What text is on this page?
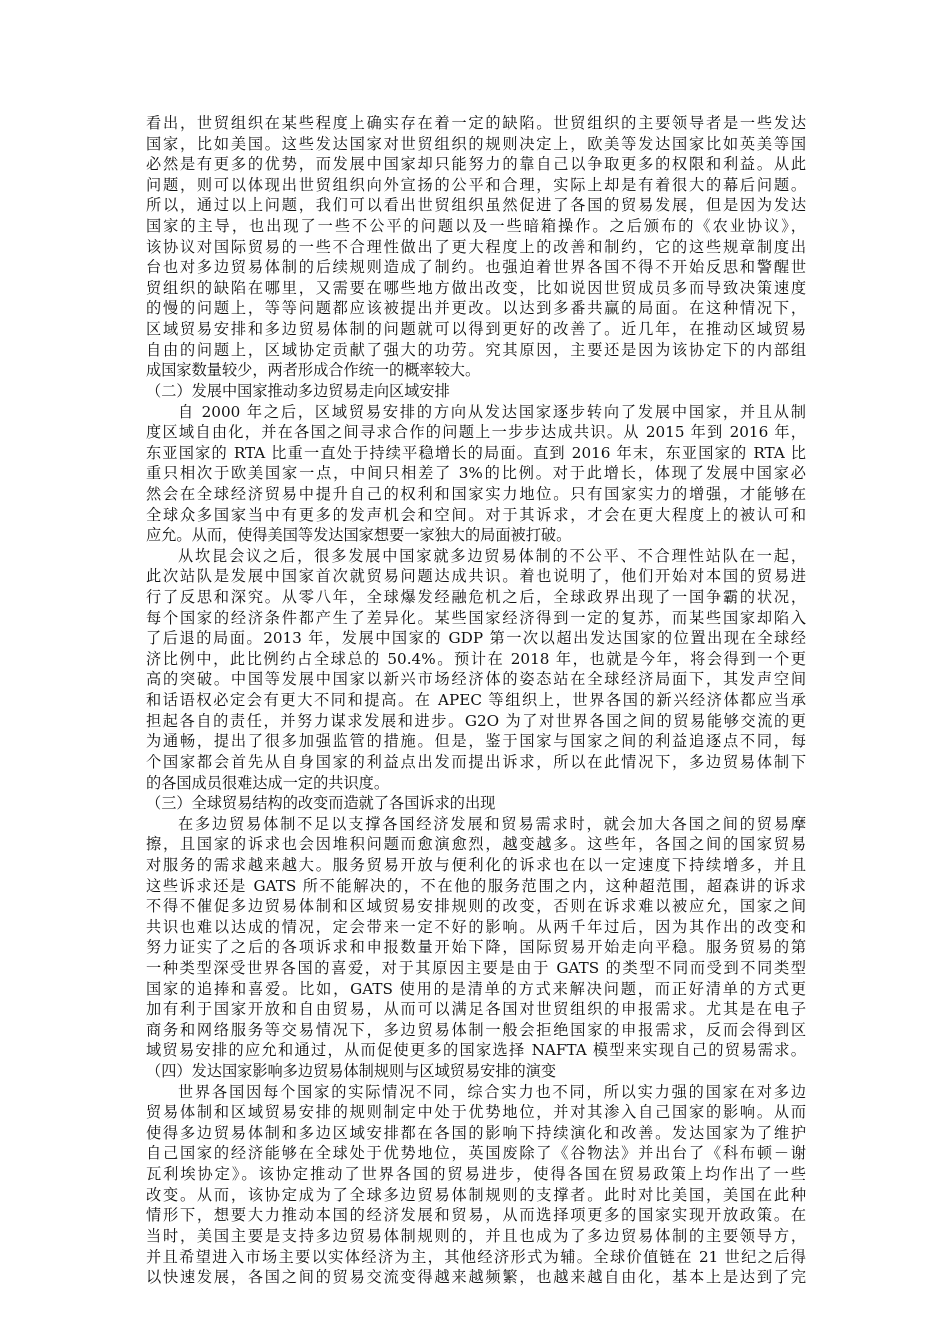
看出，世贸组织在某些程度上确实存在着一定的缺陷。世贸组织的主要领导者是一些发达
国家，比如美国。这些发达国家对世贸组织的规则决定上，欧美等发达国家比如英美等国
必然是有更多的优势，而发展中国家却只能努力的靠自己以争取更多的权限和利益。从此
问题，则可以体现出世贸组织向外宣扬的公平和合理，实际上却是有着很大的幕后问题。
所以，通过以上问题，我们可以看出世贸组织虽然促进了各国的贸易发展，但是因为发达
国家的主导，也出现了一些不公平的问题以及一些暗箱操作。之后颁布的《农业协议》，
该协议对国际贸易的一些不合理性做出了更大程度上的改善和制约，它的这些规章制度出
台也对多边贸易体制的后续规则造成了制约。也强迫着世界各国不得不开始反思和警醒世
贸组织的缺陷在哪里，又需要在哪些地方做出改变，比如说因世贸成员多而导致决策速度
的慢的问题上，等等问题都应该被提出并更改。以达到多番共赢的局面。在这种情况下，
区域贸易安排和多边贸易体制的问题就可以得到更好的改善了。近几年，在推动区域贸易
自由的问题上，区域协定贡献了强大的功劳。究其原因，主要还是因为该协定下的内部组
成国家数量较少，两者形成合作统一的概率较大。
（二）发展中国家推动多边贸易走向区域安排
自 2000 年之后，区域贸易安排的方向从发达国家逐步转向了发展中国家，并且从制
度区域自由化，并在各国之间寻求合作的问题上一步步达成共识。从 2015 年到 2016 年，
东亚国家的 RTA 比重一直处于持续平稳增长的局面。直到 2016 年末，东亚国家的 RTA 比
重只相次于欧美国家一点，中间只相差了 3%的比例。对于此增长，体现了发展中国家必
然会在全球经济贸易中提升自己的权利和国家实力地位。只有国家实力的增强，才能够在
全球众多国家当中有更多的发声机会和空间。对于其诉求，才会在更大程度上的被认可和
应允。从而，使得美国等发达国家想要一家独大的局面被打破。
从坎昆会议之后，很多发展中国家就多边贸易体制的不公平、不合理性站队在一起，
此次站队是发展中国家首次就贸易问题达成共识。着也说明了，他们开始对本国的贸易进
行了反思和深究。从零八年，全球爆发经融危机之后，全球政界出现了一国争霸的状况，
每个国家的经济条件都产生了差异化。某些国家经济得到一定的复苏，而某些国家却陷入
了后退的局面。2013 年，发展中国家的 GDP 第一次以超出发达国家的位置出现在全球经
济比例中，此比例约占全球总的 50.4%。预计在 2018 年，也就是今年，将会得到一个更
高的突破。中国等发展中国家以新兴市场经济体的姿态站在全球经济局面下，其发声空间
和话语权必定会有更大不同和提高。在 APEC 等组织上，世界各国的新兴经济体都应当承
担起各自的责任，并努力谋求发展和进步。G2O 为了对世界各国之间的贸易能够交流的更
为通畅，提出了很多加强监管的措施。但是，鉴于国家与国家之间的利益追逐点不同，每
个国家都会首先从自身国家的利益点出发而提出诉求，所以在此情况下，多边贸易体制下
的各国成员很难达成一定的共识度。
（三）全球贸易结构的改变而造就了各国诉求的出现
在多边贸易体制不足以支撑各国经济发展和贸易需求时，就会加大各国之间的贸易摩
擦，且国家的诉求也会因堆积问题而愈演愈烈，越变越多。这些年，各国之间的国家贸易
对服务的需求越来越大。服务贸易开放与便利化的诉求也在以一定速度下持续增多，并且
这些诉求还是 GATS 所不能解决的，不在他的服务范围之内，这种超范围，超森讲的诉求
不得不催促多边贸易体制和区域贸易安排规则的改变，否则在诉求难以被应允，国家之间
共识也难以达成的情况，定会带来一定不好的影响。从两千年过后，因为其作出的改变和
努力证实了之后的各项诉求和申报数量开始下降，国际贸易开始走向平稳。服务贸易的第
一种类型深受世界各国的喜爱，对于其原因主要是由于 GATS 的类型不同而受到不同类型
国家的追捧和喜爱。比如，GATS 使用的是清单的方式来解决问题，而正好清单的方式更
加有利于国家开放和自由贸易，从而可以满足各国对世贸组织的申报需求。尤其是在电子
商务和网络服务等交易情况下，多边贸易体制一般会拒绝国家的申报需求，反而会得到区
域贸易安排的应允和通过，从而促使更多的国家选择 NAFTA 模型来实现自己的贸易需求。
（四）发达国家影响多边贸易体制规则与区域贸易安排的演变
世界各国因每个国家的实际情况不同，综合实力也不同，所以实力强的国家在对多边
贸易体制和区域贸易安排的规则制定中处于优势地位，并对其渗入自己国家的影响。从而
使得多边贸易体制和多边区域安排都在各国的影响下持续演化和改善。发达国家为了维护
自己国家的经济能够在全球处于优势地位，英国废除了《谷物法》并出台了《科布顿－谢
瓦利埃协定》。该协定推动了世界各国的贸易进步，使得各国在贸易政策上均作出了一些
改变。从而，该协定成为了全球多边贸易体制规则的支撑者。此时对比美国，美国在此种
情形下，想要大力推动本国的经济发展和贸易，从而选择项更多的国家实现开放政策。在
当时，美国主要是支持多边贸易体制规则的，并且也成为了多边贸易体制的主要领导方，
并且希望进入市场主要以实体经济为主，其他经济形式为辅。全球价值链在 21 世纪之后得
以快速发展，各国之间的贸易交流变得越来越频繁，也越来越自由化，基本上是达到了完
